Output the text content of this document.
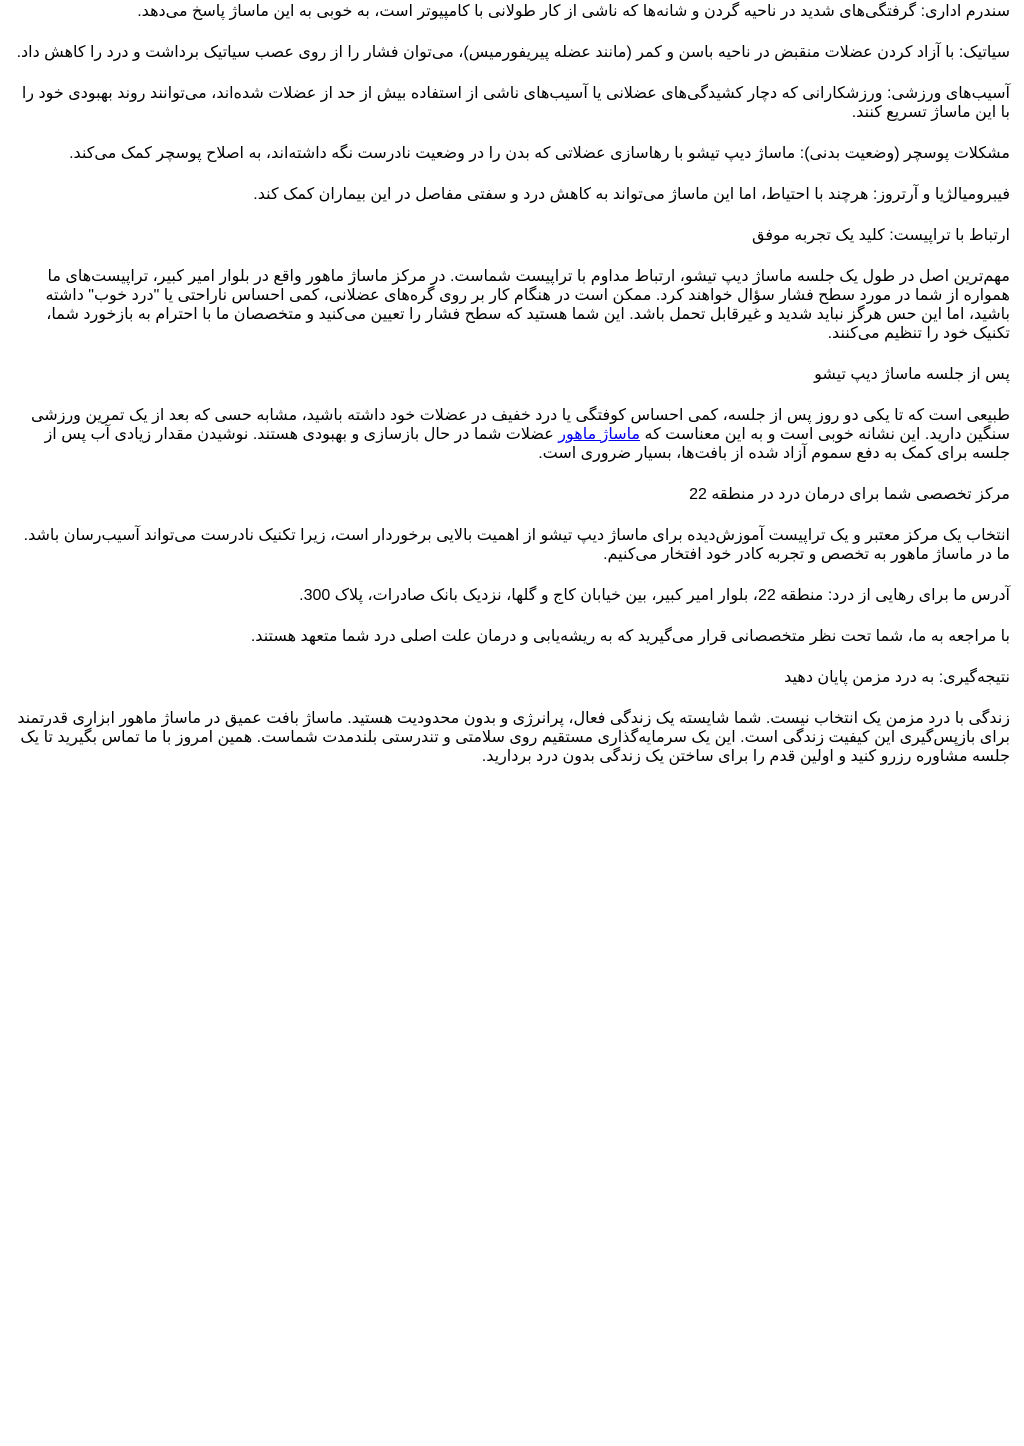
سندرم اداری: گرفتگی‌های شدید در ناحیه گردن و شانه‌ها که ناشی از کار طولانی با کامپیوتر است، به خوبی به این ماساژ پاسخ می‌دهد.

سیاتیک: با آزاد کردن عضلات منقبض در ناحیه باسن و کمر (مانند عضله پیریفورمیس)، می‌توان فشار را از روی عصب سیاتیک برداشت و درد را کاهش داد.

آسیب‌های ورزشی: ورزشکارانی که دچار کشیدگی‌های عضلانی یا آسیب‌های ناشی از استفاده بیش از حد از عضلات شده‌اند، می‌توانند روند بهبودی خود را با این ماساژ تسریع کنند.

مشکلات پوسچر (وضعیت بدنی): ماساژ دیپ تیشو با رهاسازی عضلاتی که بدن را در وضعیت نادرست نگه داشته‌اند، به اصلاح پوسچر کمک می‌کند.

فیبرومیالژیا و آرتروز: هرچند با احتیاط، اما این ماساژ می‌تواند به کاهش درد و سفتی مفاصل در این بیماران کمک کند.

ارتباط با تراپیست: کلید یک تجربه موفق

مهم‌ترین اصل در طول یک جلسه ماساژ دیپ تیشو، ارتباط مداوم با تراپیست شماست. در مرکز ماساژ ماهور واقع در بلوار امیر کبیر، تراپیست‌های ما همواره از شما در مورد سطح فشار سؤال خواهند کرد. ممکن است در هنگام کار بر روی گره‌های عضلانی، کمی احساس ناراحتی یا "درد خوب" داشته باشید، اما این حس هرگز نباید شدید و غیرقابل تحمل باشد. این شما هستید که سطح فشار را تعیین می‌کنید و متخصصان ما با احترام به بازخورد شما، تکنیک خود را تنظیم می‌کنند.

پس از جلسه ماساژ دیپ تیشو

طبیعی است که تا یکی دو روز پس از جلسه، کمی احساس کوفتگی یا درد خفیف در عضلات خود داشته باشید، مشابه حسی که بعد از یک تمرین ورزشی سنگین دارید. این نشانه خوبی است و به این معناست که ماساژ ماهور عضلات شما در حال بازسازی و بهبودی هستند. نوشیدن مقدار زیادی آب پس از جلسه برای کمک به دفع سموم آزاد شده از بافت‌ها، بسیار ضروری است.

مرکز تخصصی شما برای درمان درد در منطقه 22

انتخاب یک مرکز معتبر و یک تراپیست آموزش‌دیده برای ماساژ دیپ تیشو از اهمیت بالایی برخوردار است، زیرا تکنیک نادرست می‌تواند آسیب‌رسان باشد. ما در ماساژ ماهور به تخصص و تجربه کادر خود افتخار می‌کنیم.

آدرس ما برای رهایی از درد: منطقه 22، بلوار امیر کبیر، بین خیابان کاج و گلها، نزدیک بانک صادرات، پلاک 300.

با مراجعه به ما، شما تحت نظر متخصصانی قرار می‌گیرید که به ریشه‌یابی و درمان علت اصلی درد شما متعهد هستند.

نتیجه‌گیری: به درد مزمن پایان دهید

زندگی با درد مزمن یک انتخاب نیست. شما شایسته یک زندگی فعال، پرانرژی و بدون محدودیت هستید. ماساژ بافت عمیق در ماساژ ماهور ابزاری قدرتمند برای بازپس‌گیری این کیفیت زندگی است. این یک سرمایه‌گذاری مستقیم روی سلامتی و تندرستی بلندمدت شماست. همین امروز با ما تماس بگیرید تا یک جلسه مشاوره رزرو کنید و اولین قدم را برای ساختن یک زندگی بدون درد بردارید.
